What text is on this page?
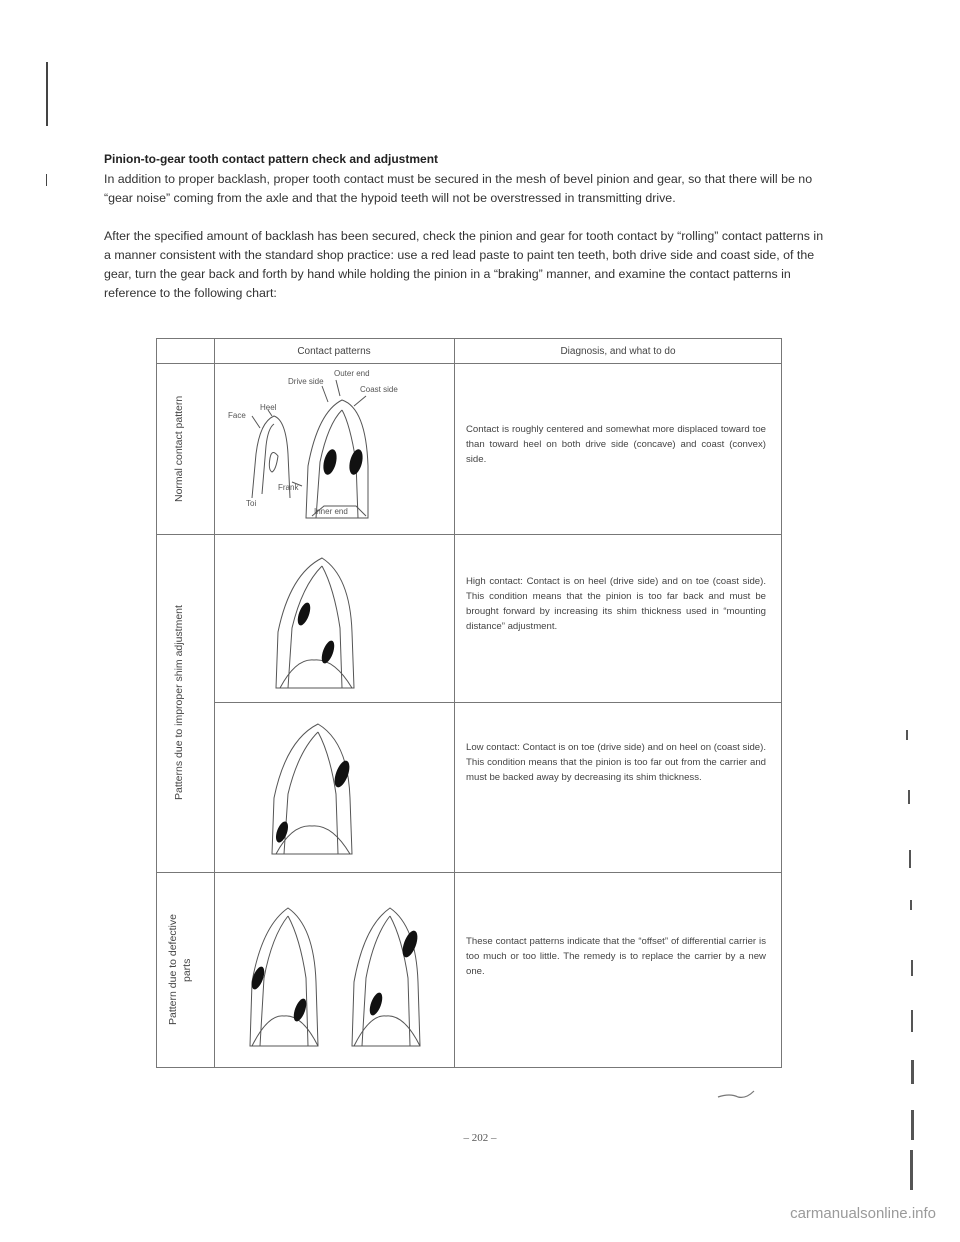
Pinion-to-gear tooth contact pattern check and adjustment

In addition to proper backlash, proper tooth contact must be secured in the mesh of bevel pinion and gear, so that there will be no “gear noise” coming from the axle and that the hypoid teeth will not be overstressed in transmitting drive.

After the specified amount of backlash has been secured, check the pinion and gear for tooth contact by “rolling” contact patterns in a manner consistent with the standard shop practice: use a red lead paste to paint ten teeth, both drive side and coast side, of the gear, turn the gear back and forth by hand while holding the pinion in a “braking” manner, and examine the contact patterns in reference to the following chart:

Contact patterns	Diagnosis, and what to do
Normal contact pattern
Patterns due to improper shim adjustment
Pattern due to defective
parts

Contact is roughly centered and somewhat more displaced toward toe than toward heel on both drive side (concave) and coast (convex) side.

High contact: Contact is on heel (drive side) and on toe (coast side). This condition means that the pinion is too far back and must be brought forward by increasing its shim thickness used in “mounting distance” adjustment.

Low contact: Contact is on toe (drive side) and on heel on (coast side). This condition means that the pinion is too far out from the carrier and must be backed away by decreasing its shim thickness.

These contact patterns indicate that the “offset” of differential carrier is too much or too little. The remedy is to replace the carrier by a new one.

Outer end
Drive side
Coast side
Heel
Face
Frank
Toi
Inner end
– 202 –
carmanualsonline.info
